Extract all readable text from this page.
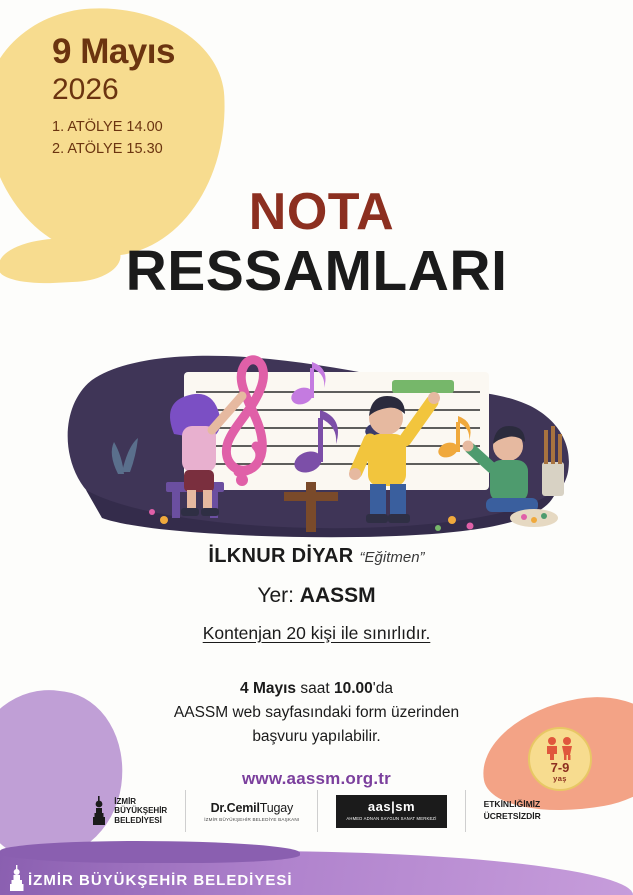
9 Mayıs
2026
1. ATÖLYE 14.00
2. ATÖLYE 15.30
NOTA
RESSAMLARI
İLKNUR DİYAR “Eğitmen”
Yer: AASSM
Kontenjan 20 kişi ile sınırlıdır.
4 Mayıs saat 10.00'da
AASSM web sayfasındaki form üzerinden
başvuru yapılabilir.
www.aassm.org.tr
7-9
yaş
İZMİR
BÜYÜKŞEHİR
BELEDİYESİ
Dr.CemilTugay
İZMİR BÜYÜKŞEHİR BELEDİYE BAŞKANI
aas|sm
AHMED ADNAN SAYGUN SANAT MERKEZİ
ETKİNLİĞİMİZ
ÜCRETSİZDİR
İZMİR BÜYÜKŞEHİR BELEDİYESİ
